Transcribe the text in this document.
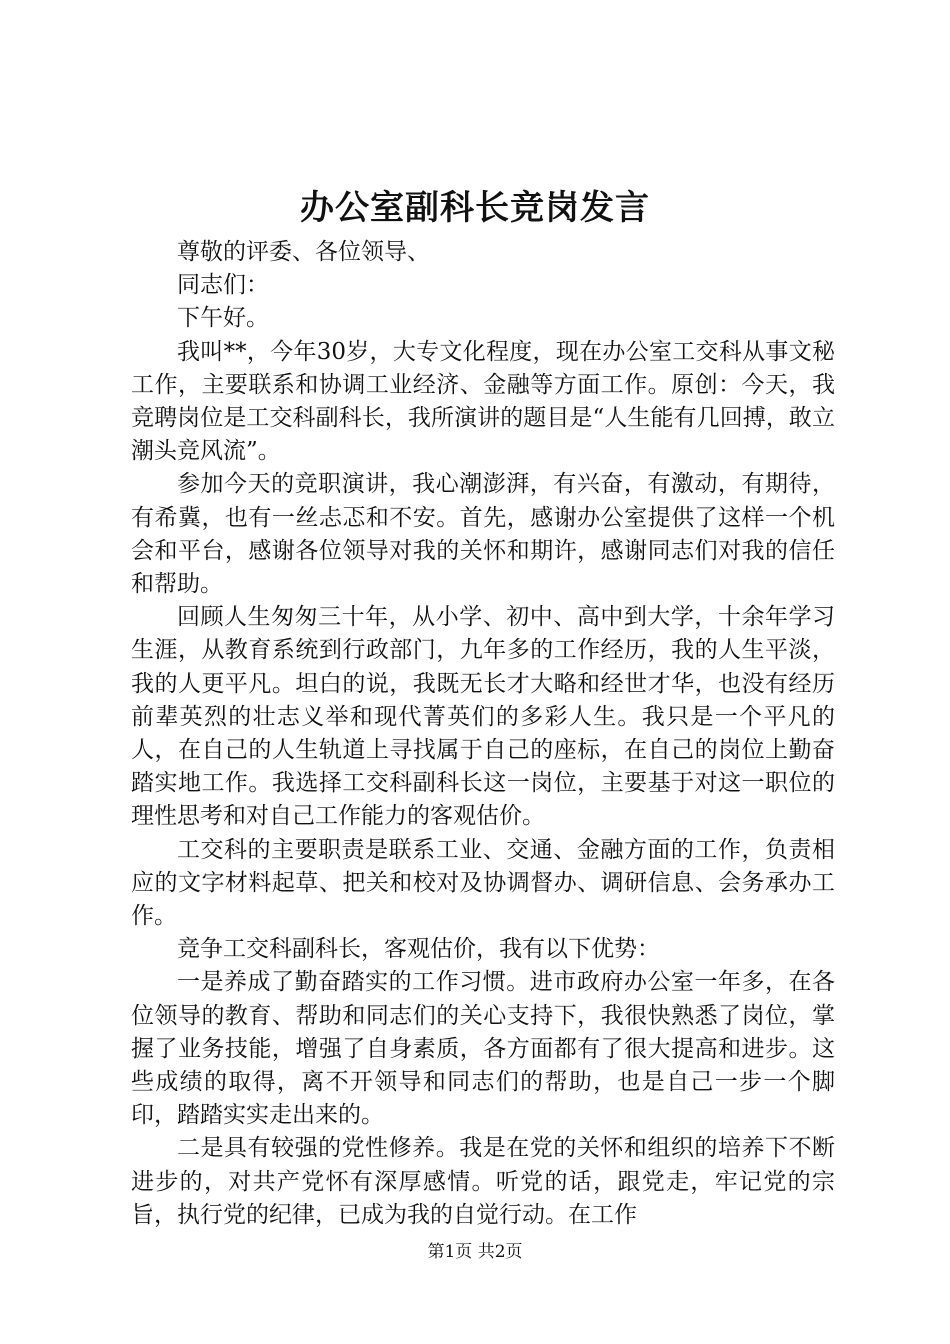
办公室副科长竞岗发言

尊敬的评委、各位领导、

同志们：

下午好。

我叫**，今年30岁，大专文化程度，现在办公室工交科从事文秘工作，主要联系和协调工业经济、金融等方面工作。原创：今天，我竞聘岗位是工交科副科长，我所演讲的题目是“人生能有几回搏，敢立潮头竞风流”。

参加今天的竞职演讲，我心潮澎湃，有兴奋，有激动，有期待，有希冀，也有一丝忐忑和不安。首先，感谢办公室提供了这样一个机会和平台，感谢各位领导对我的关怀和期许，感谢同志们对我的信任和帮助。

回顾人生匆匆三十年，从小学、初中、高中到大学，十余年学习生涯，从教育系统到行政部门，九年多的工作经历，我的人生平淡，我的人更平凡。坦白的说，我既无长才大略和经世才华，也没有经历前辈英烈的壮志义举和现代菁英们的多彩人生。我只是一个平凡的人，在自己的人生轨道上寻找属于自己的座标，在自己的岗位上勤奋踏实地工作。我选择工交科副科长这一岗位，主要基于对这一职位的理性思考和对自己工作能力的客观估价。

工交科的主要职责是联系工业、交通、金融方面的工作，负责相应的文字材料起草、把关和校对及协调督办、调研信息、会务承办工作。

竞争工交科副科长，客观估价，我有以下优势：

一是养成了勤奋踏实的工作习惯。进市政府办公室一年多，在各位领导的教育、帮助和同志们的关心支持下，我很快熟悉了岗位，掌握了业务技能，增强了自身素质，各方面都有了很大提高和进步。这些成绩的取得，离不开领导和同志们的帮助，也是自己一步一个脚印，踏踏实实走出来的。

二是具有较强的党性修养。我是在党的关怀和组织的培养下不断进步的，对共产党怀有深厚感情。听党的话，跟党走，牢记党的宗旨，执行党的纪律，已成为我的自觉行动。在工作

第1页 共2页
